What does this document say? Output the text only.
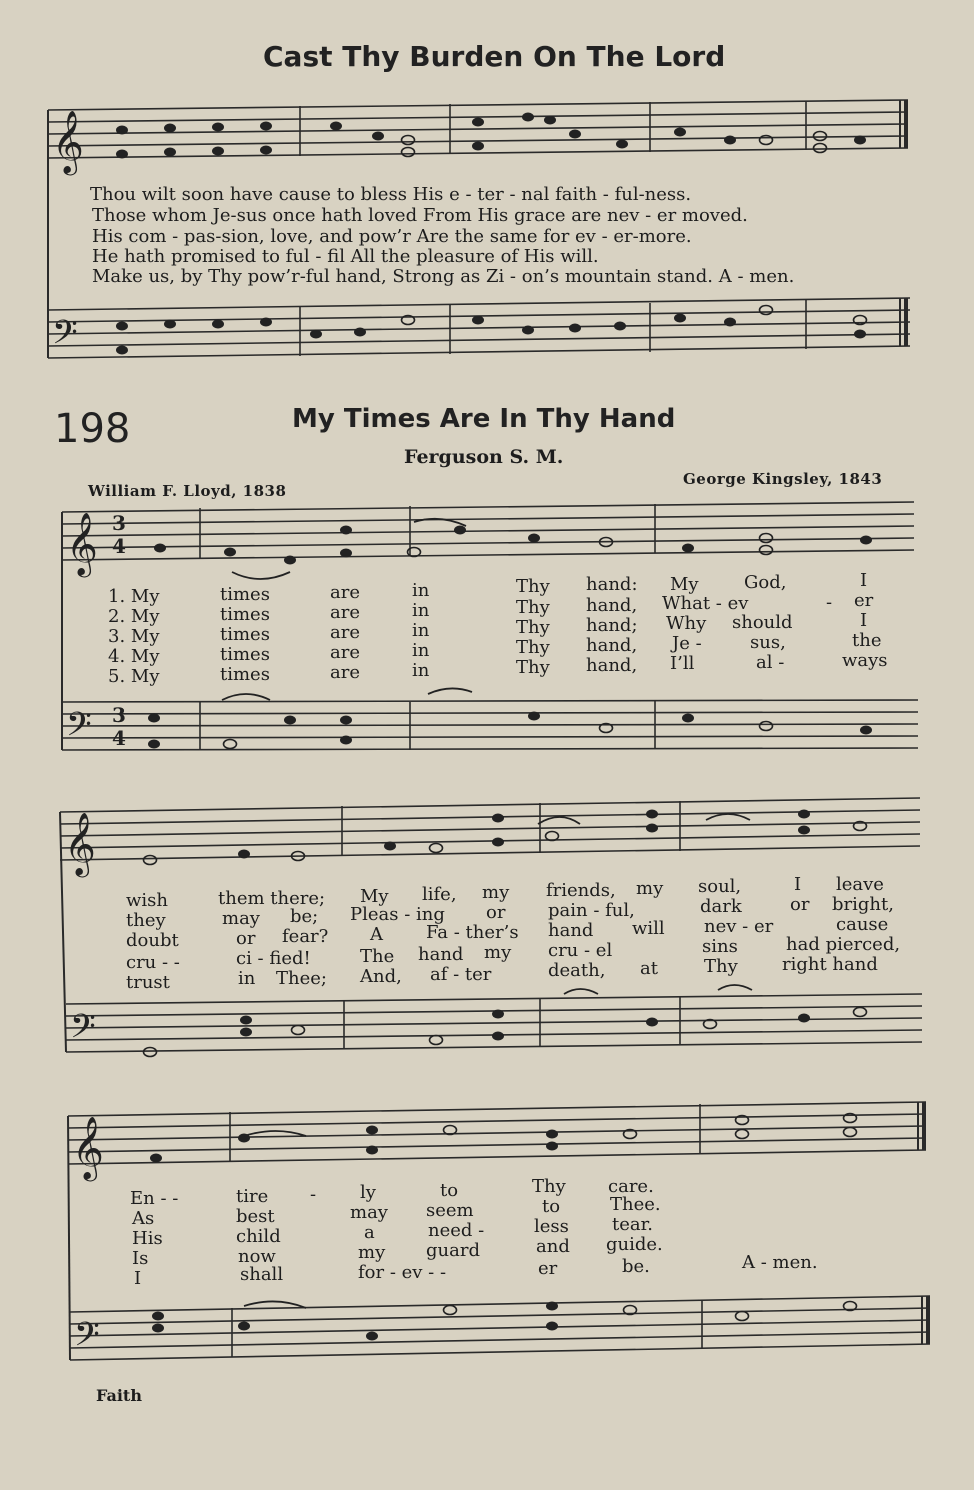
Cast Thy Burden On The Lord
𝄞
𝄢
𝄞
𝄢
𝄞
𝄢
𝄞
𝄢
3
4
3
4
Thou wilt soon have cause to bless His e - ter - nal faith - ful-ness.
Those whom Je-sus once hath loved From His grace are nev - er moved.
His com - pas-sion, love, and pow’r Are the same for ev - er-more.
He hath promised to ful - fil All the pleasure of His will.
Make us, by Thy pow’r-ful hand, Strong as Zi - on’s mountain stand. A - men.
198	My Times Are In Thy Hand
Ferguson S. M.
William F. Lloyd, 1838
George Kingsley, 1843
1. My	times	are	in	Thy hand: My	God,	I
2. My	times	are	in	Thy hand, What - ev	- er
3. My	times	are	in	Thy hand; Why should	I
4. My	times	are	in	Thy hand, Je -	sus,	the
5. My	times	are	in	Thy hand, I’ll	al -	ways
wish	them there; My life, my friends, my soul,	I leave
they	may be; Pleas - ing or pain - ful,	dark	or bright,
doubt	or fear? A Fa - ther’s hand will nev - er	cause
cru - -	ci - fied!	The hand my cru - el	sins	had pierced,
trust	in Thee; And, af - ter	death, at	Thy right hand
En - -	tire - ly	to	Thy care.
As	best	may seem	to	Thee.
His	child	a	need -	less tear.
Is	now	my guard	and guide.
I	shall	for - ev - -	er	be.	A - men.
Faith
